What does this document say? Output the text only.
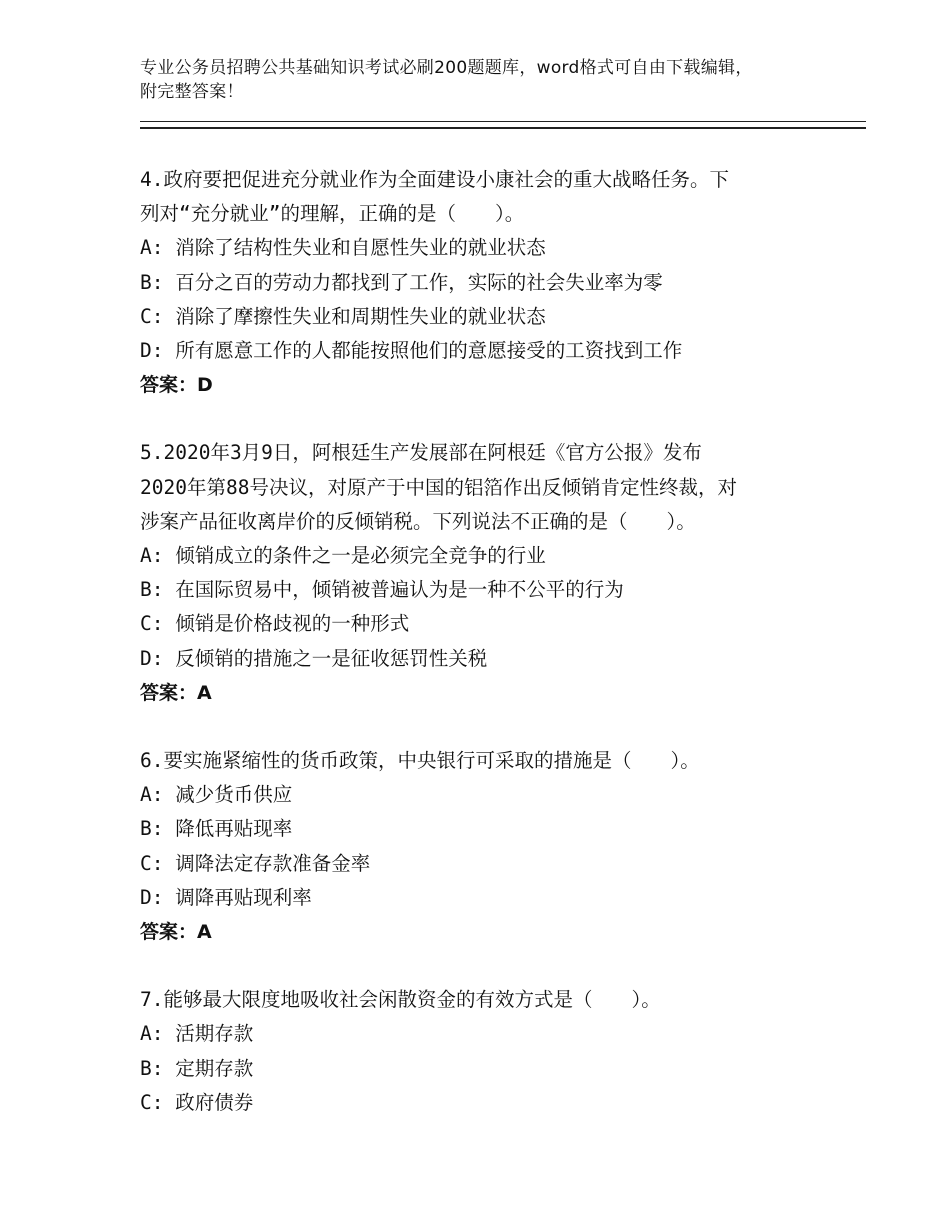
专业公务员招聘公共基础知识考试必刷200题题库，word格式可自由下载编辑，
附完整答案！
4.政府要把促进充分就业作为全面建设小康社会的重大战略任务。下
列对“充分就业”的理解，正确的是（　　）。
A: 消除了结构性失业和自愿性失业的就业状态
B: 百分之百的劳动力都找到了工作，实际的社会失业率为零
C: 消除了摩擦性失业和周期性失业的就业状态
D: 所有愿意工作的人都能按照他们的意愿接受的工资找到工作
答案：D
5.2020年3月9日，阿根廷生产发展部在阿根廷《官方公报》发布
2020年第88号决议，对原产于中国的铝箔作出反倾销肯定性终裁，对
涉案产品征收离岸价的反倾销税。下列说法不正确的是（　　）。
A: 倾销成立的条件之一是必须完全竞争的行业
B: 在国际贸易中，倾销被普遍认为是一种不公平的行为
C: 倾销是价格歧视的一种形式
D: 反倾销的措施之一是征收惩罚性关税
答案：A
6.要实施紧缩性的货币政策，中央银行可采取的措施是（　　）。
A: 减少货币供应
B: 降低再贴现率
C: 调降法定存款准备金率
D: 调降再贴现利率
答案：A
7.能够最大限度地吸收社会闲散资金的有效方式是（　　）。
A: 活期存款
B: 定期存款
C: 政府债券
